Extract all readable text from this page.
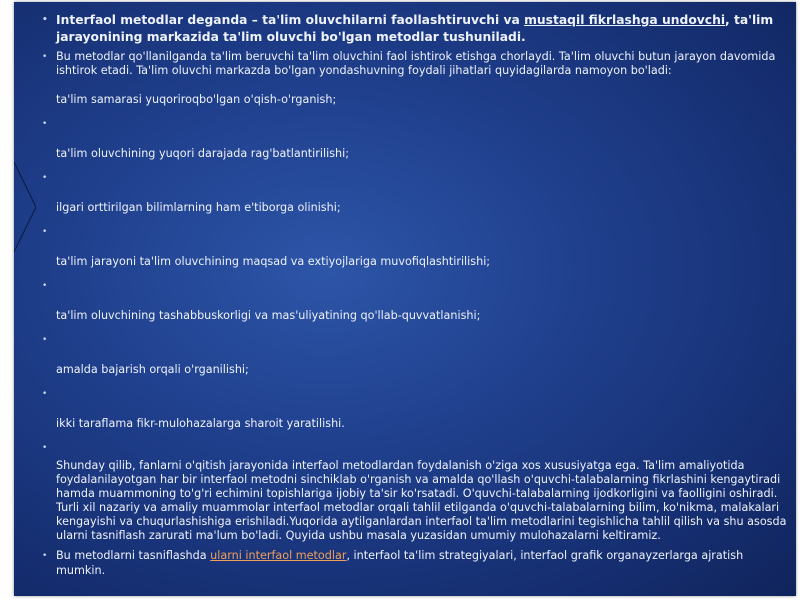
• Interfaol metodlar deganda – ta'lim oluvchilarni faollashtiruvchi va mustaqil fikrlashga undovchi, ta'lim jarayonining markazida ta'lim oluvchi bo'lgan metodlar tushuniladi.
• Bu metodlar qo'llanilganda ta'lim beruvchi ta'lim oluvchini faol ishtirok etishga chorlaydi. Ta'lim oluvchi butun jarayon davomida ishtirok etadi. Ta'lim oluvchi markazda bo'lgan yondashuvning foydali jihatlari quyidagilarda namoyon bo'ladi:
ta'lim samarasi yuqoriroqbo'lgan o'qish-o'rganish;
•
ta'lim oluvchining yuqori darajada rag'batlantirilishi;
•
ilgari orttirilgan bilimlarning ham e'tiborga olinishi;
•
ta'lim jarayoni ta'lim oluvchining maqsad va extiyojlariga muvofiqlashtirilishi;
•
ta'lim oluvchining tashabbuskorligi va mas'uliyatining qo'llab-quvvatlanishi;
•
amalda bajarish orqali o'rganilishi;
•
ikki taraflama fikr-mulohazalarga sharoit yaratilishi.
•
Shunday qilib, fanlarni o'qitish jarayonida interfaol metodlardan foydalanish o'ziga xos xususiyatga ega. Ta'lim amaliyotida foydalanilayotgan har bir interfaol metodni sinchiklab o'rganish va amalda qo'llash o'quvchi-talabalarning fikrlashini kengaytiradi hamda muammoning to'g'ri echimini topishlariga ijobiy ta'sir ko'rsatadi. O'quvchi-talabalarning ijodkorligini va faolligini oshiradi. Turli xil nazariy va amaliy muammolar interfaol metodlar orqali tahlil etilganda o'quvchi-talabalarning bilim, ko'nikma, malakalari kengayishi va chuqurlashishiga erishiladi.Yuqorida aytilganlardan interfaol ta'lim metodlarini tegishlicha tahlil qilish va shu asosda ularni tasniflash zarurati ma'lum bo'ladi. Quyida ushbu masala yuzasidan umumiy mulohazalarni keltiramiz.
• Bu metodlarni tasniflashda ularni interfaol metodlar, interfaol ta'lim strategiyalari, interfaol grafik organayzerlarga ajratish mumkin.
